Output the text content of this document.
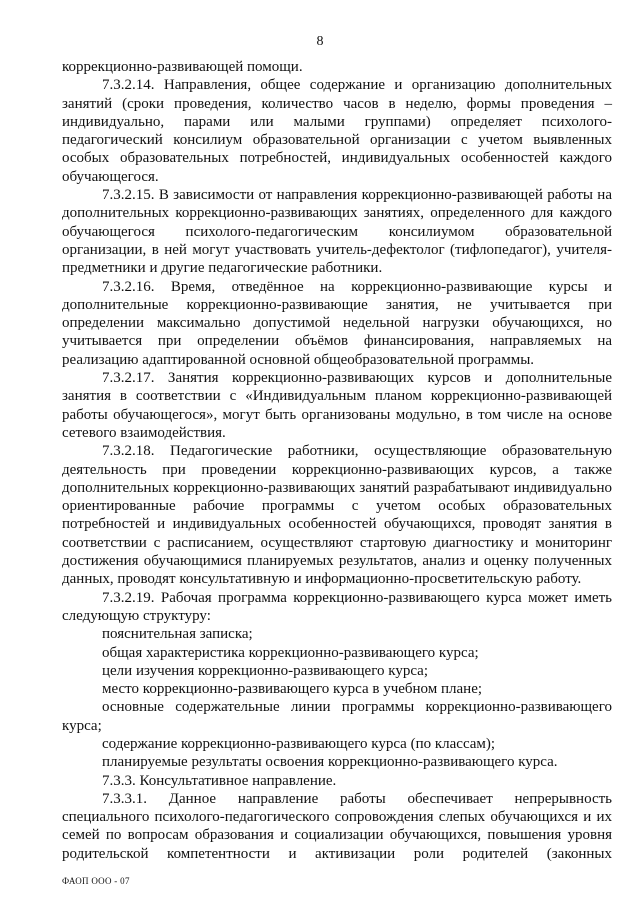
8

коррекционно-развивающей помощи.

7.3.2.14. Направления, общее содержание и организацию дополнительных занятий (сроки проведения, количество часов в неделю, формы проведения – индивидуально, парами или малыми группами) определяет психолого-педагогический консилиум образовательной организации с учетом выявленных особых образовательных потребностей, индивидуальных особенностей каждого обучающегося.

7.3.2.15. В зависимости от направления коррекционно-развивающей работы на дополнительных коррекционно-развивающих занятиях, определенного для каждого обучающегося психолого-педагогическим консилиумом образовательной организации, в ней могут участвовать учитель-дефектолог (тифлопедагог), учителя-предметники и другие педагогические работники.

7.3.2.16. Время, отведённое на коррекционно-развивающие курсы и дополнительные коррекционно-развивающие занятия, не учитывается при определении максимально допустимой недельной нагрузки обучающихся, но учитывается при определении объёмов финансирования, направляемых на реализацию адаптированной основной общеобразовательной программы.

7.3.2.17. Занятия коррекционно-развивающих курсов и дополнительные занятия в соответствии с «Индивидуальным планом коррекционно-развивающей работы обучающегося», могут быть организованы модульно, в том числе на основе сетевого взаимодействия.

7.3.2.18. Педагогические работники, осуществляющие образовательную деятельность при проведении коррекционно-развивающих курсов, а также дополнительных коррекционно-развивающих занятий разрабатывают индивидуально ориентированные рабочие программы с учетом особых образовательных потребностей и индивидуальных особенностей обучающихся, проводят занятия в соответствии с расписанием, осуществляют стартовую диагностику и мониторинг достижения обучающимися планируемых результатов, анализ и оценку полученных данных, проводят консультативную и информационно-просветительскую работу.

7.3.2.19. Рабочая программа коррекционно-развивающего курса может иметь следующую структуру:

пояснительная записка;

общая характеристика коррекционно-развивающего курса;

цели изучения коррекционно-развивающего курса;

место коррекционно-развивающего курса в учебном плане;

основные содержательные линии программы коррекционно-развивающего курса;

содержание коррекционно-развивающего курса (по классам);

планируемые результаты освоения коррекционно-развивающего курса.

7.3.3. Консультативное направление.

7.3.3.1. Данное направление работы обеспечивает непрерывность специального психолого-педагогического сопровождения слепых обучающихся и их семей по вопросам образования и социализации обучающихся, повышения уровня родительской компетентности и активизации роли родителей (законных

ФАОП ООО - 07
